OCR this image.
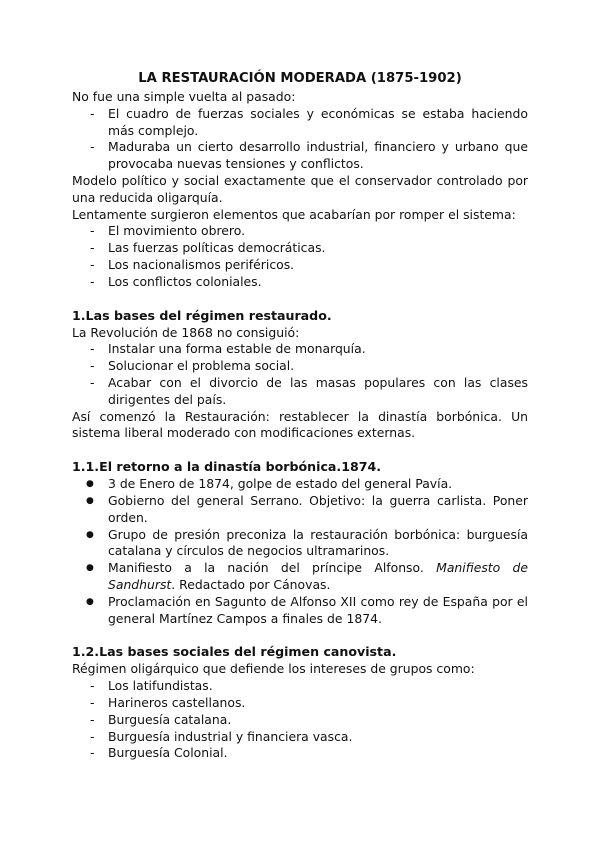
LA RESTAURACIÓN MODERADA (1875-1902)

No fue una simple vuelta al pasado:

- El cuadro de fuerzas sociales y económicas se estaba haciendo más complejo.
- Maduraba un cierto desarrollo industrial, financiero y urbano que provocaba nuevas tensiones y conflictos.

Modelo político y social exactamente que el conservador controlado por una reducida oligarquía.

Lentamente surgieron elementos que acabarían por romper el sistema:

- El movimiento obrero.
- Las fuerzas políticas democráticas.
- Los nacionalismos periféricos.
- Los conflictos coloniales.
1.Las bases del régimen restaurado.

La Revolución de 1868 no consiguió:

- Instalar una forma estable de monarquía.
- Solucionar el problema social.
- Acabar con el divorcio de las masas populares con las clases dirigentes del país.

Así comenzó la Restauración: restablecer la dinastía borbónica. Un sistema liberal moderado con modificaciones externas.

1.1.El retorno a la dinastía borbónica.1874.
● 3 de Enero de 1874, golpe de estado del general Pavía.
● Gobierno del general Serrano. Objetivo: la guerra carlista. Poner orden.
● Grupo de presión preconiza la restauración borbónica: burguesía catalana y círculos de negocios ultramarinos.
● Manifiesto a la nación del príncipe Alfonso. Manifiesto de Sandhurst. Redactado por Cánovas.
● Proclamación en Sagunto de Alfonso XII como rey de España por el general Martínez Campos a finales de 1874.
1.2.Las bases sociales del régimen canovista.

Régimen oligárquico que defiende los intereses de grupos como:

- Los latifundistas.
- Harineros castellanos.
- Burguesía catalana.
- Burguesía industrial y financiera vasca.
- Burguesía Colonial.
